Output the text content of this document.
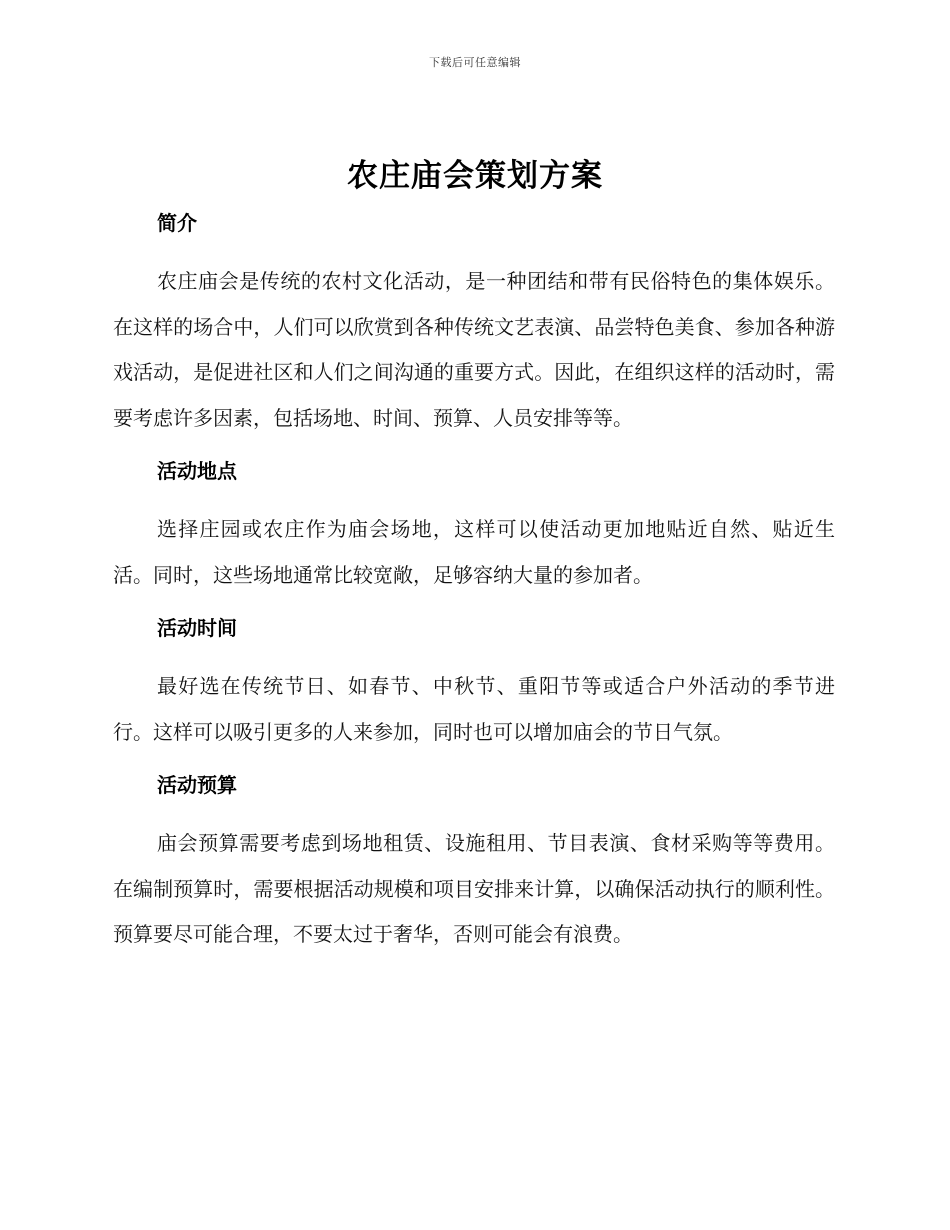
下载后可任意编辑
农庄庙会策划方案
简介

农庄庙会是传统的农村文化活动，是一种团结和带有民俗特色的集体娱乐。在这样的场合中，人们可以欣赏到各种传统文艺表演、品尝特色美食、参加各种游戏活动，是促进社区和人们之间沟通的重要方式。因此，在组织这样的活动时，需要考虑许多因素，包括场地、时间、预算、人员安排等等。

活动地点

选择庄园或农庄作为庙会场地，这样可以使活动更加地贴近自然、贴近生活。同时，这些场地通常比较宽敞，足够容纳大量的参加者。

活动时间

最好选在传统节日、如春节、中秋节、重阳节等或适合户外活动的季节进行。这样可以吸引更多的人来参加，同时也可以增加庙会的节日气氛。

活动预算

庙会预算需要考虑到场地租赁、设施租用、节目表演、食材采购等等费用。在编制预算时，需要根据活动规模和项目安排来计算，以确保活动执行的顺利性。预算要尽可能合理，不要太过于奢华，否则可能会有浪费。
